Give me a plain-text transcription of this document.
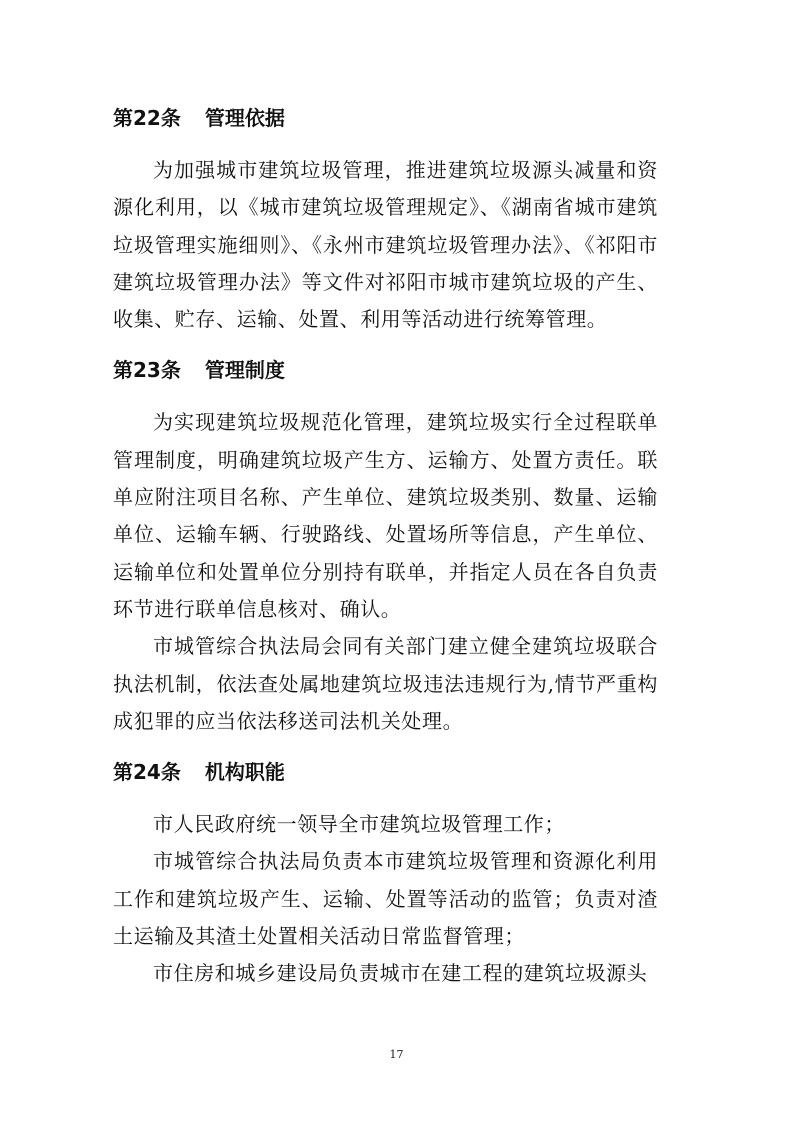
第22条 管理依据

为加强城市建筑垃圾管理，推进建筑垃圾源头减量和资源化利用，以《城市建筑垃圾管理规定》、《湖南省城市建筑垃圾管理实施细则》、《永州市建筑垃圾管理办法》、《祁阳市建筑垃圾管理办法》等文件对祁阳市城市建筑垃圾的产生、收集、贮存、运输、处置、利用等活动进行统筹管理。

第23条 管理制度

为实现建筑垃圾规范化管理，建筑垃圾实行全过程联单管理制度，明确建筑垃圾产生方、运输方、处置方责任。联单应附注项目名称、产生单位、建筑垃圾类别、数量、运输单位、运输车辆、行驶路线、处置场所等信息，产生单位、运输单位和处置单位分别持有联单，并指定人员在各自负责环节进行联单信息核对、确认。

市城管综合执法局会同有关部门建立健全建筑垃圾联合执法机制，依法查处属地建筑垃圾违法违规行为,情节严重构成犯罪的应当依法移送司法机关处理。

第24条 机构职能

市人民政府统一领导全市建筑垃圾管理工作；

市城管综合执法局负责本市建筑垃圾管理和资源化利用工作和建筑垃圾产生、运输、处置等活动的监管；负责对渣土运输及其渣土处置相关活动日常监督管理；

市住房和城乡建设局负责城市在建工程的建筑垃圾源头

17
